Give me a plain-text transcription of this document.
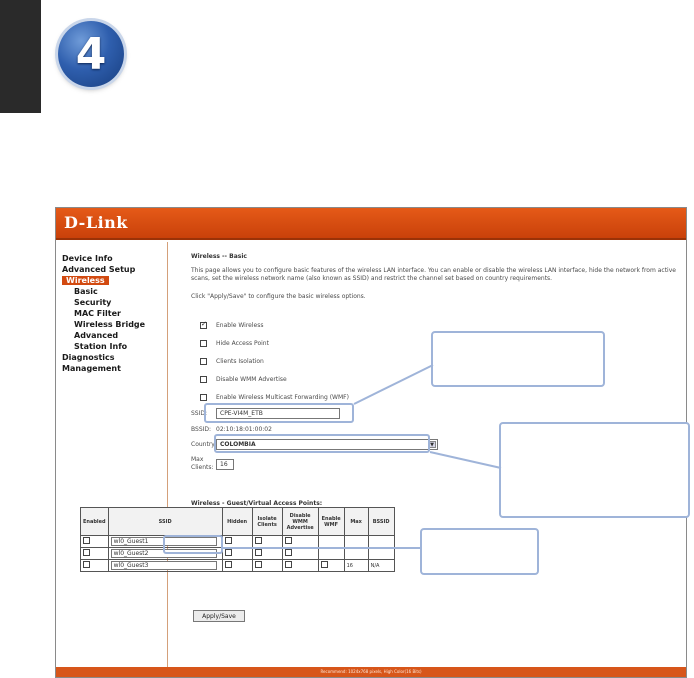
4
D-Link
Device Info
Advanced Setup
Wireless
Basic
Security
MAC Filter
Wireless Bridge
Advanced
Station Info
Diagnostics
Management
Wireless -- Basic
This page allows you to configure basic features of the wireless LAN interface. You can enable or disable the wireless LAN interface, hide the network from active scans, set the wireless network name (also known as SSID) and restrict the channel set based on country requirements.
Click "Apply/Save" to configure the basic wireless options.
✓
Enable Wireless
Hide Access Point
Clients Isolation
Disable WMM Advertise
Enable Wireless Multicast Forwarding (WMF)
SSID:	CPE-VI4M_ETB
BSSID: 02:10:18:01:00:02
Country: COLOMBIA	▼
Max Clients:	16
Wireless - Guest/Virtual Access Points:
Enabled	SSID	Hidden	Isolate Clients	Disable WMM Advertise	Enable WMF	Max	BSSID
	wl0_Guest1						
	wl0_Guest2						
	wl0_Guest3					16	N/A
Apply/Save
Recommend: 1024x768 pixels, High Color(16 Bits)
